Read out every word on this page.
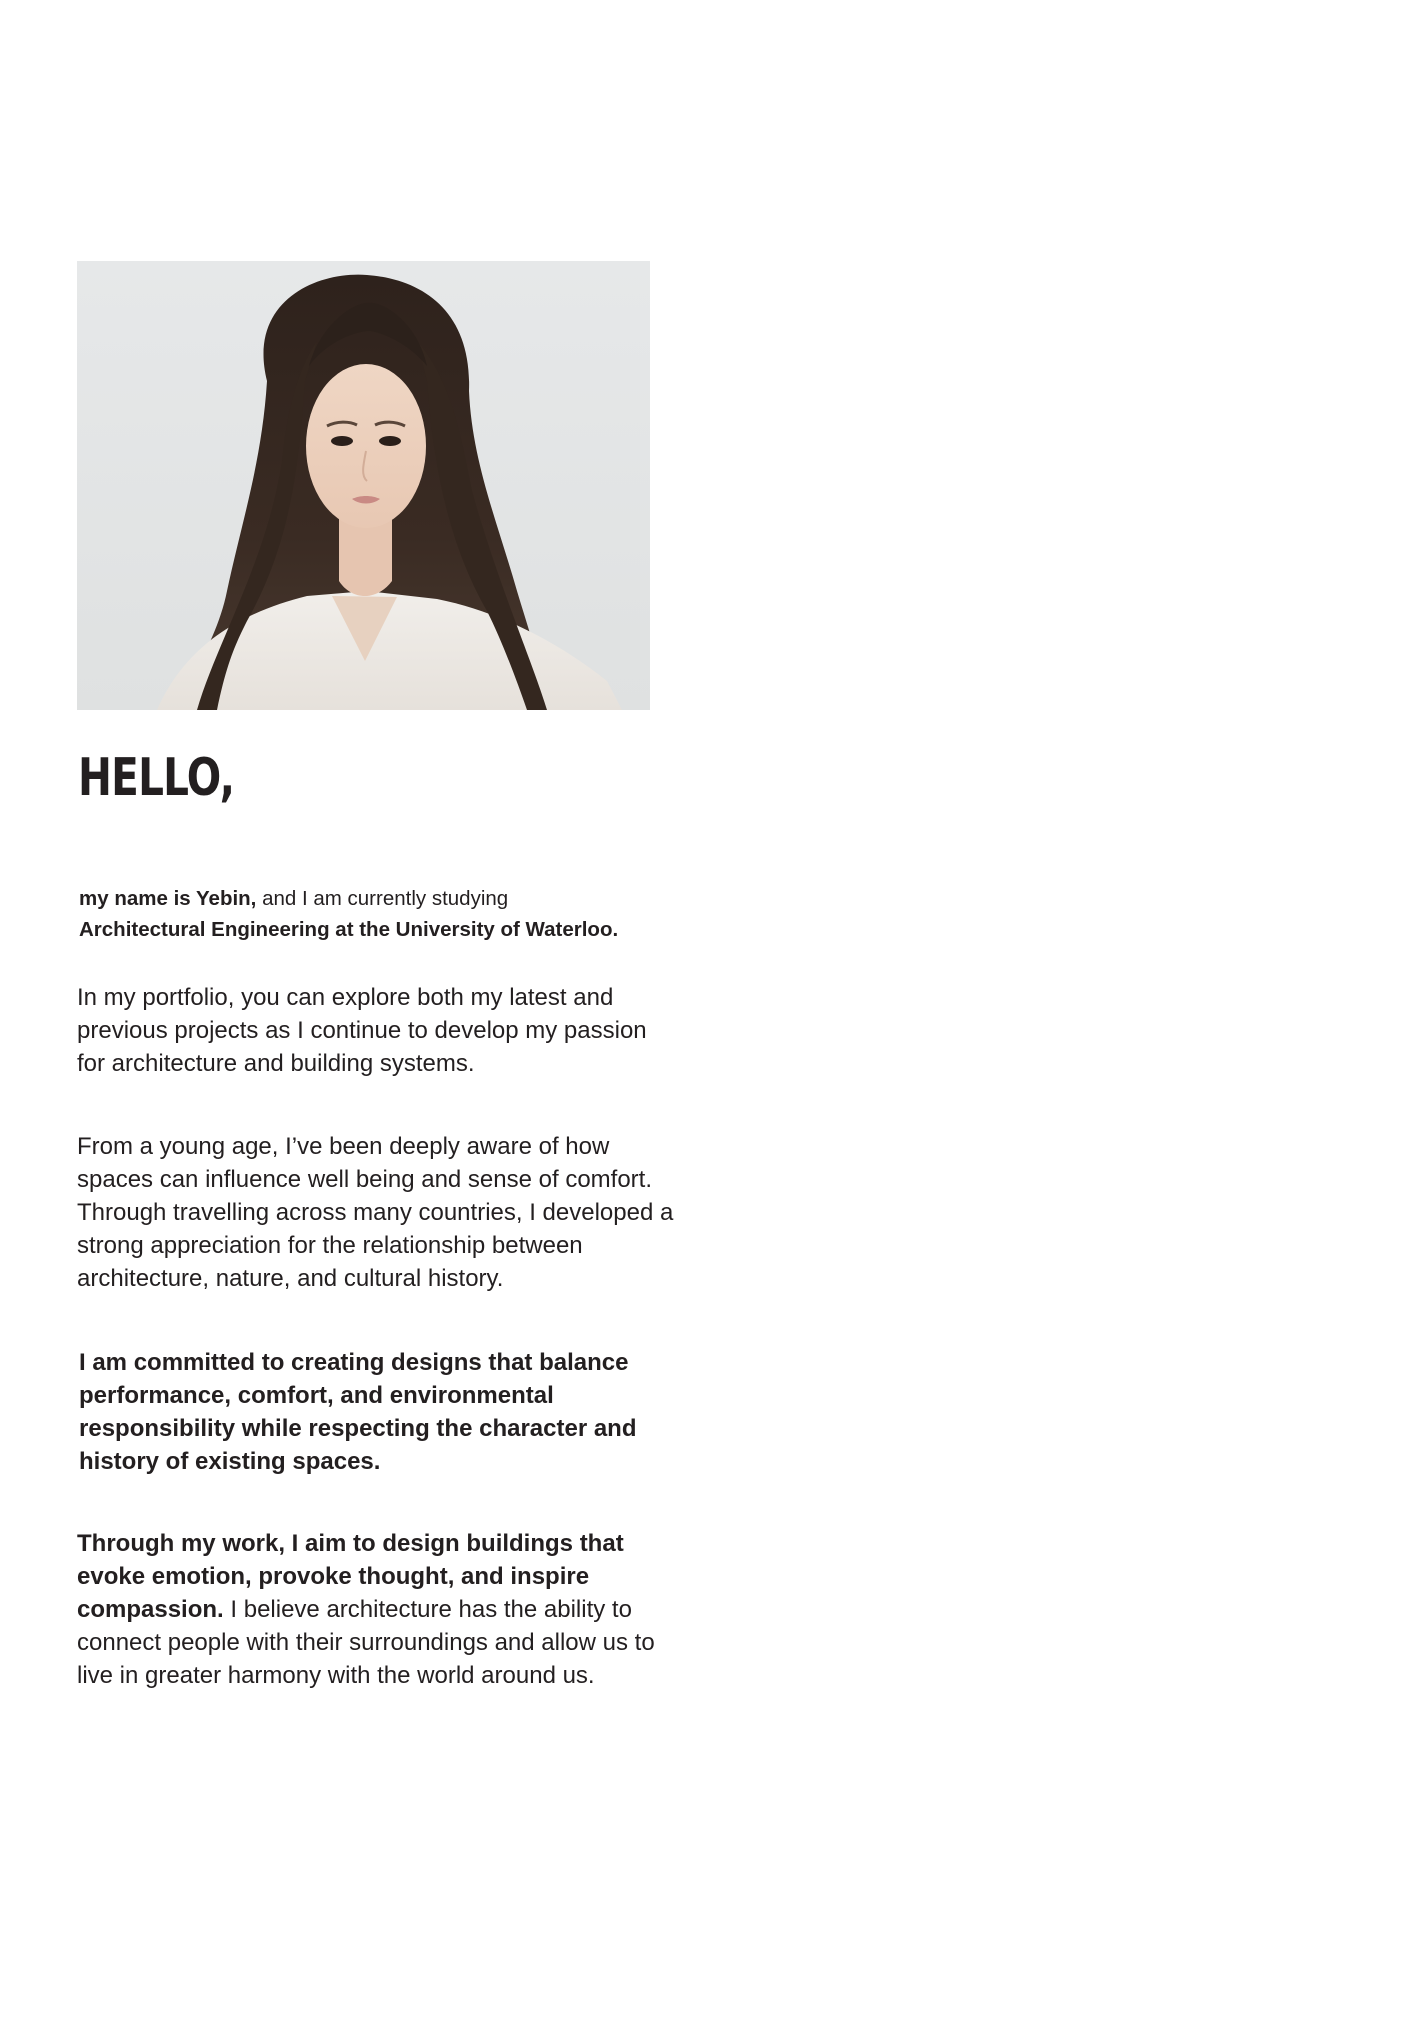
HELLO,

my name is Yebin, and I am currently studying
Architectural Engineering at the University of Waterloo.

In my portfolio, you can explore both my latest and previous projects as I continue to develop my passion for architecture and building systems.

From a young age, I’ve been deeply aware of how spaces can influence well being and sense of comfort. Through travelling across many countries, I developed a strong appreciation for the relationship between architecture, nature, and cultural history.

I am committed to creating designs that balance performance, comfort, and environmental responsibility while respecting the character and history of existing spaces.

Through my work, I aim to design buildings that evoke emotion, provoke thought, and inspire compassion. I believe architecture has the ability to connect people with their surroundings and allow us to live in greater harmony with the world around us.
